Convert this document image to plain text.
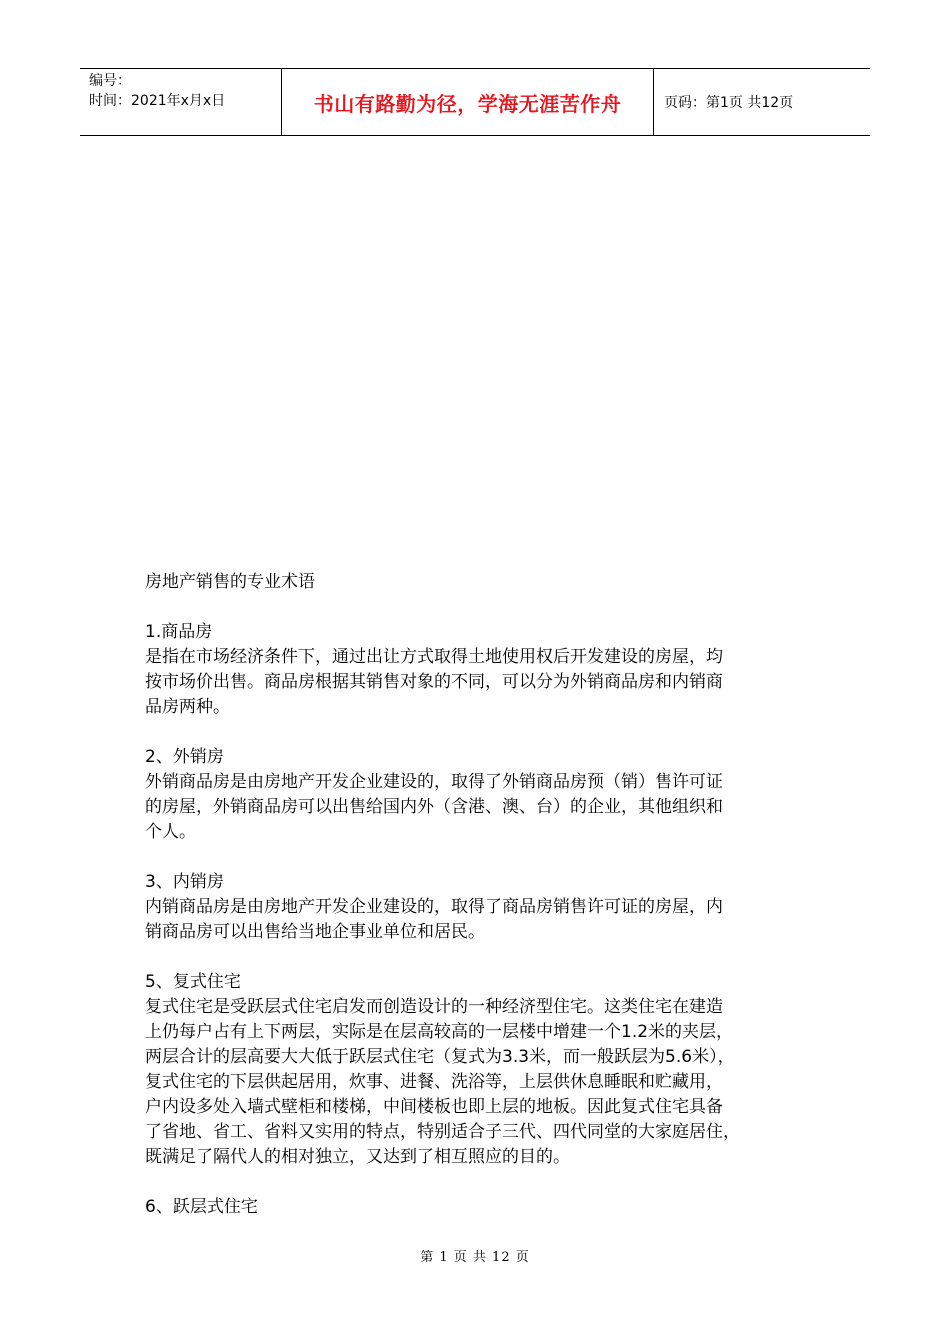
编号：
时间：2021年x月x日	书山有路勤为径，学海无涯苦作舟	页码：第1页 共12页

房地产销售的专业术语

1.商品房

是指在市场经济条件下，通过出让方式取得土地使用权后开发建设的房屋，均

按市场价出售。商品房根据其销售对象的不同，可以分为外销商品房和内销商

品房两种。

2、外销房

外销商品房是由房地产开发企业建设的，取得了外销商品房预（销）售许可证

的房屋，外销商品房可以出售给国内外（含港、澳、台）的企业，其他组织和

个人。

3、内销房

内销商品房是由房地产开发企业建设的，取得了商品房销售许可证的房屋，内

销商品房可以出售给当地企事业单位和居民。

5、复式住宅

复式住宅是受跃层式住宅启发而创造设计的一种经济型住宅。这类住宅在建造

上仍每户占有上下两层，实际是在层高较高的一层楼中增建一个1.2米的夹层，

两层合计的层高要大大低于跃层式住宅（复式为3.3米，而一般跃层为5.6米），

复式住宅的下层供起居用，炊事、进餐、洗浴等，上层供休息睡眠和贮藏用，

户内设多处入墙式壁柜和楼梯，中间楼板也即上层的地板。因此复式住宅具备

了省地、省工、省料又实用的特点，特别适合子三代、四代同堂的大家庭居住，

既满足了隔代人的相对独立，又达到了相互照应的目的。

6、跃层式住宅

第 1 页 共 12 页
